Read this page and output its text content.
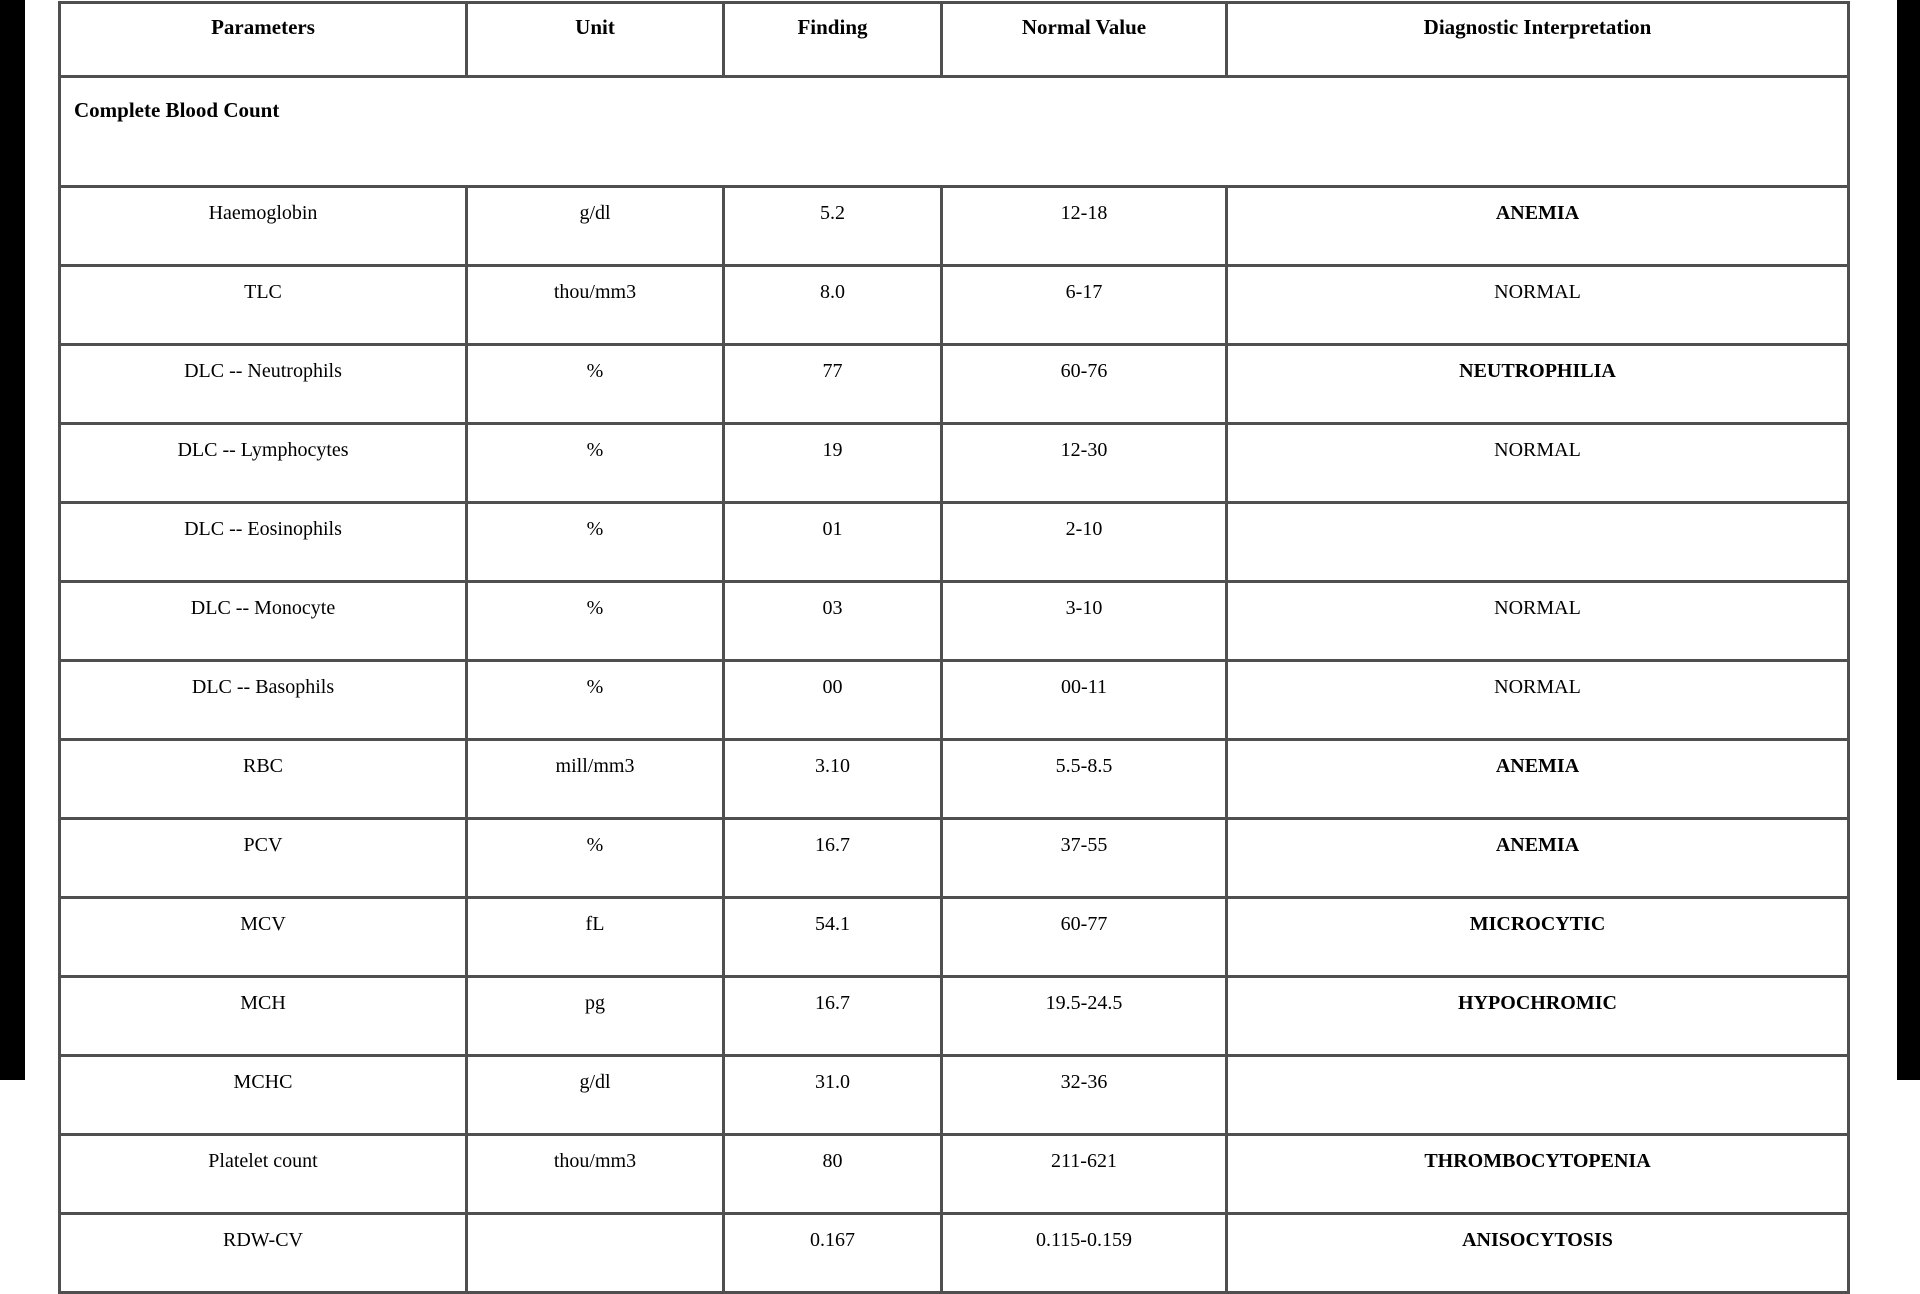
Parameters	Unit	Finding	Normal Value	Diagnostic Interpretation
Complete Blood Count				
Haemoglobin	g/dl	5.2	12-18	ANEMIA
TLC	thou/mm3	8.0	6-17	NORMAL
DLC -- Neutrophils	%	77	60-76	NEUTROPHILIA
DLC -- Lymphocytes	%	19	12-30	NORMAL
DLC -- Eosinophils	%	01	2-10	
DLC -- Monocyte	%	03	3-10	NORMAL
DLC -- Basophils	%	00	00-11	NORMAL
RBC	mill/mm3	3.10	5.5-8.5	ANEMIA
PCV	%	16.7	37-55	ANEMIA
MCV	fL	54.1	60-77	MICROCYTIC
MCH	pg	16.7	19.5-24.5	HYPOCHROMIC
MCHC	g/dl	31.0	32-36	
Platelet count	thou/mm3	80	211-621	THROMBOCYTOPENIA
RDW-CV		0.167	0.115-0.159	ANISOCYTOSIS
